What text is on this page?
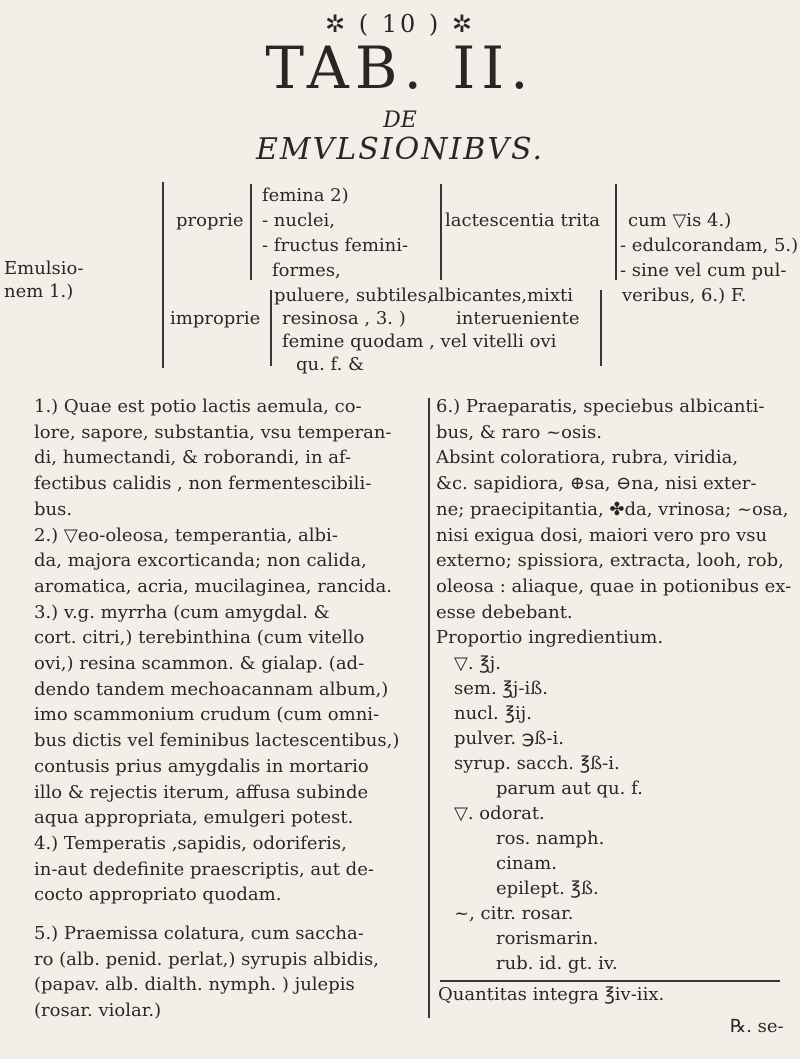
✲ ( 10 ) ✲
TAB. II.
DE
EMVLSIONIBVS.
Emulsio-
nem 1.)
proprie
femina 2)
- nuclei,
- fructus femini-
formes,
lactescentia trita cum ▽is 4.)
- edulcorandam, 5.)
- sine vel cum pul-
veribus, 6.) F.
puluere, subtiles,
albicantes,mixti
improprie resinosa , 3. )	interueniente
femine quodam , vel vitelli ovi
qu. f. &

1.) Quae est potio lactis aemula, co-

lore, sapore, substantia, vsu temperan-

di, humectandi, & roborandi, in af-

fectibus calidis , non fermentescibili-

bus.

2.) ▽eo-oleosa, temperantia, albi-

da, majora excorticanda; non calida,

aromatica, acria, mucilaginea, rancida.

3.) v.g. myrrha (cum amygdal. &

cort. citri,) terebinthina (cum vitello

ovi,) resina scammon. & gialap. (ad-

dendo tandem mechoacannam album,)

imo scammonium crudum (cum omni-

bus dictis vel feminibus lactescentibus,)

contusis prius amygdalis in mortario

illo & rejectis iterum, affusa subinde

aqua appropriata, emulgeri potest.

4.) Temperatis ,sapidis, odoriferis,

in-aut dedefinite praescriptis, aut de-

cocto appropriato quodam.

5.) Praemissa colatura, cum saccha-

ro (alb. penid. perlat,) syrupis albidis,

(papav. alb. dialth. nymph. ) julepis

(rosar. violar.)

6.) Praeparatis, speciebus albicanti-

bus, & raro ~osis.

Absint coloratiora, rubra, viridia,

&c. sapidiora, ⊕sa, ⊖na, nisi exter-

ne; praecipitantia, ✤da, vrinosa; ~osa,

nisi exigua dosi, maiori vero pro vsu

externo; spissiora, extracta, looh, rob,

oleosa : aliaque, quae in potionibus ex-

esse debebant.

Proportio ingredientium.

▽. ℥j.

sem. ℥j-iß.

nucl. ℥ij.

pulver. ℈ß-i.

syrup. sacch. ℥ß-i.

parum aut qu. f.

▽. odorat.

ros. namph.

cinam.

epilept. ℥ß.

~, citr. rosar.

rorismarin.

rub. id. gt. iv.

Quantitas integra ℥iv-iix.
℞. se-
